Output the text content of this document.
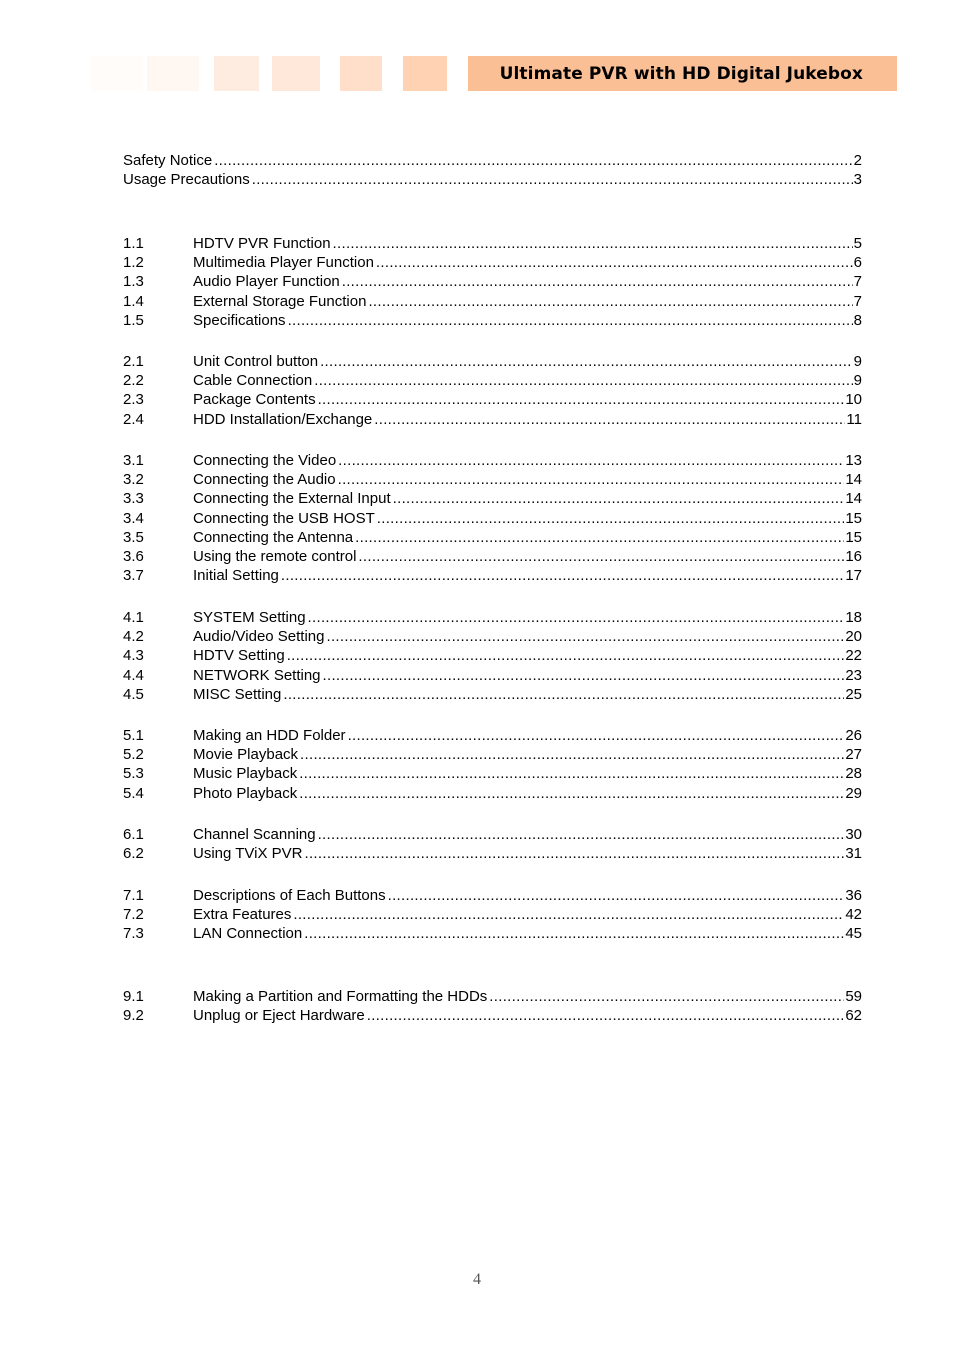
Ultimate PVR with HD Digital Jukebox
Safety Notice .....	2
Usage Precautions .....	3
1.1	HDTV PVR Function .....	5
1.2	Multimedia Player Function .....	6
1.3	Audio Player Function .....	7
1.4	External Storage Function .....	7
1.5	Specifications .....	8
2.1	Unit Control button .....	9
2.2	Cable Connection .....	9
2.3	Package Contents .....	10
2.4	HDD Installation/Exchange .....	11
3.1	Connecting the Video .....	13
3.2	Connecting the Audio .....	14
3.3	Connecting the External Input .....	14
3.4	Connecting the USB HOST .....	15
3.5	Connecting the Antenna .....	15
3.6	Using the remote control .....	16
3.7	Initial Setting .....	17
4.1	SYSTEM Setting .....	18
4.2	Audio/Video Setting .....	20
4.3	HDTV Setting .....	22
4.4	NETWORK Setting .....	23
4.5	MISC Setting .....	25
5.1	Making an HDD Folder .....	26
5.2	Movie Playback .....	27
5.3	Music Playback .....	28
5.4	Photo Playback .....	29
6.1	Channel Scanning .....	30
6.2	Using TViX PVR .....	31
7.1	Descriptions of Each Buttons .....	36
7.2	Extra Features .....	42
7.3	LAN Connection .....	45
9.1	Making a Partition and Formatting the HDDs .....	59
9.2	Unplug or Eject Hardware .....	62
4
